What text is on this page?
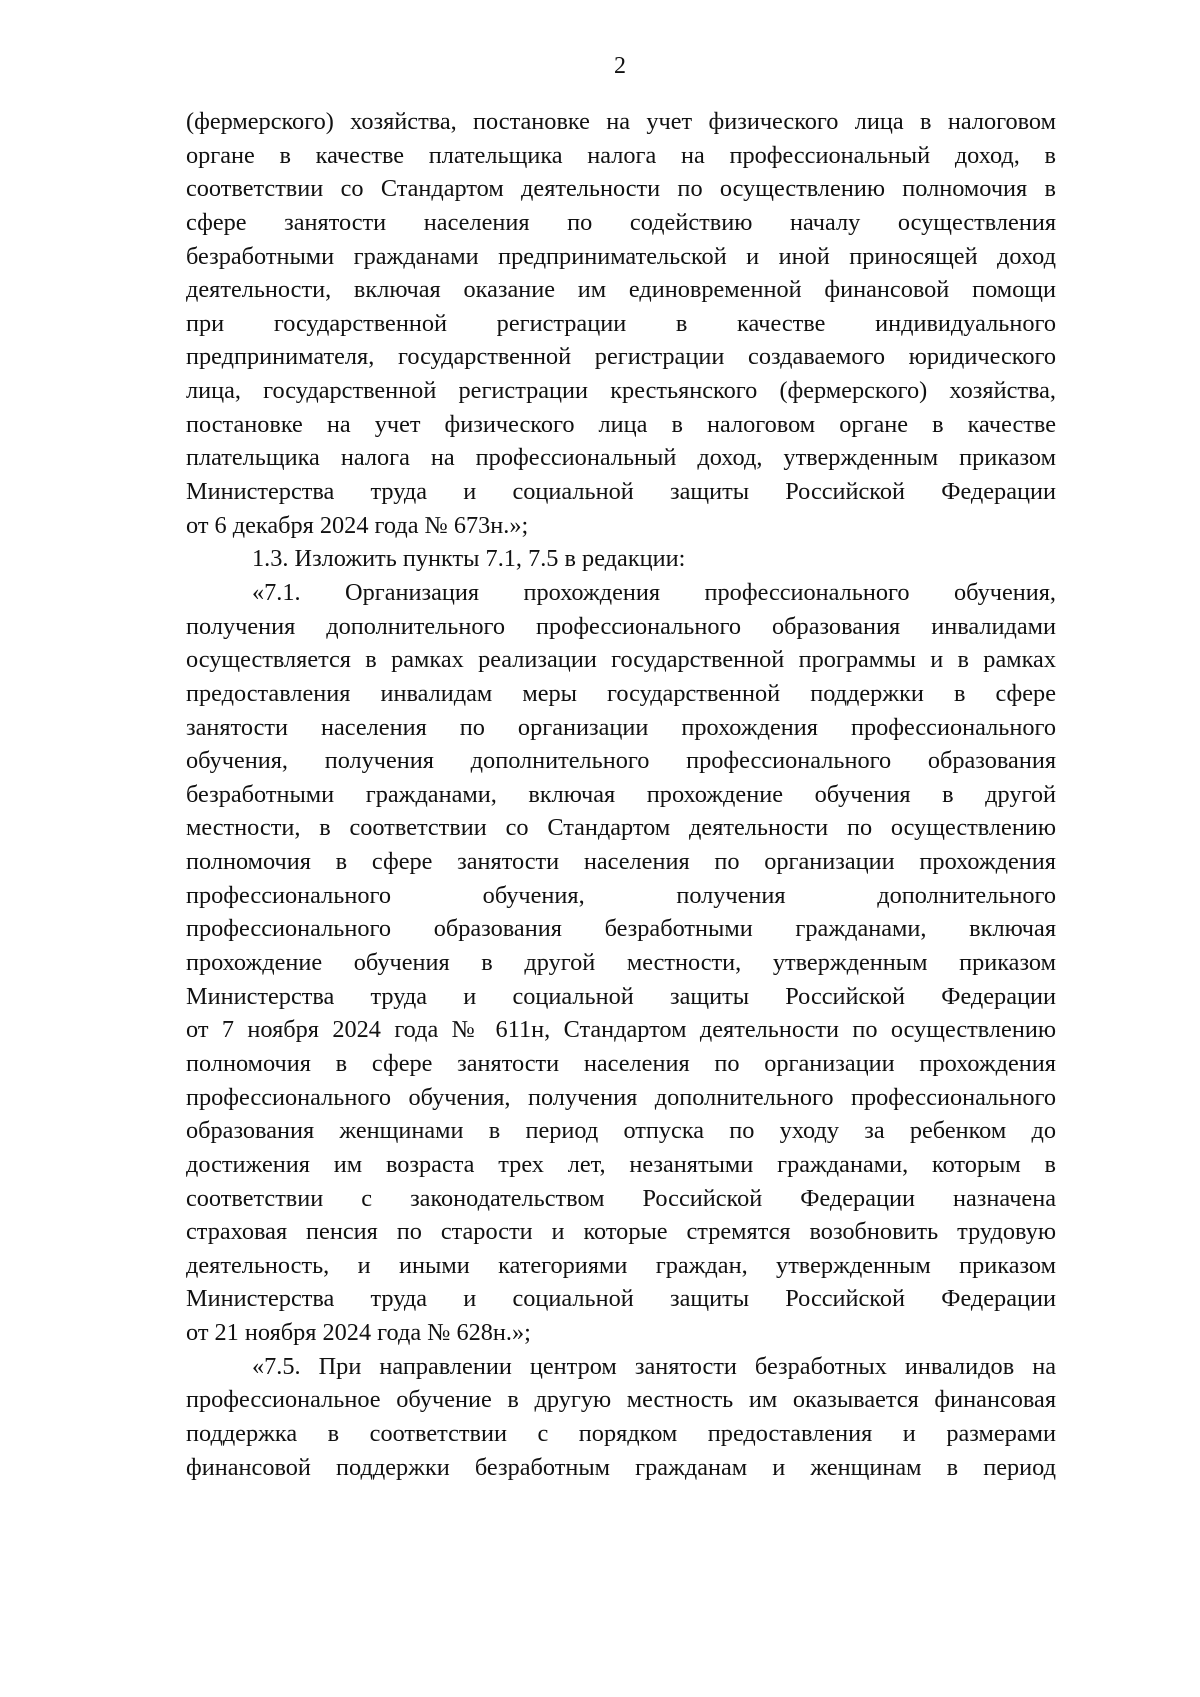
2
(фермерского) хозяйства, постановке на учет физического лица в налоговом
органе в качестве плательщика налога на профессиональный доход, в
соответствии со Стандартом деятельности по осуществлению полномочия в
сфере занятости населения по содействию началу осуществления
безработными гражданами предпринимательской и иной приносящей доход
деятельности, включая оказание им единовременной финансовой помощи
при государственной регистрации в качестве индивидуального
предпринимателя, государственной регистрации создаваемого юридического
лица, государственной регистрации крестьянского (фермерского) хозяйства,
постановке на учет физического лица в налоговом органе в качестве
плательщика налога на профессиональный доход, утвержденным приказом
Министерства труда и социальной защиты Российской Федерации
от 6 декабря 2024 года № 673н.»;
1.3. Изложить пункты 7.1, 7.5 в редакции:
«7.1. Организация прохождения профессионального обучения,
получения дополнительного профессионального образования инвалидами
осуществляется в рамках реализации государственной программы и в рамках
предоставления инвалидам меры государственной поддержки в сфере
занятости населения по организации прохождения профессионального
обучения, получения дополнительного профессионального образования
безработными гражданами, включая прохождение обучения в другой
местности, в соответствии со Стандартом деятельности по осуществлению
полномочия в сфере занятости населения по организации прохождения
профессионального обучения, получения дополнительного
профессионального образования безработными гражданами, включая
прохождение обучения в другой местности, утвержденным приказом
Министерства труда и социальной защиты Российской Федерации
от 7 ноября 2024 года № 611н, Стандартом деятельности по осуществлению
полномочия в сфере занятости населения по организации прохождения
профессионального обучения, получения дополнительного профессионального
образования женщинами в период отпуска по уходу за ребенком до
достижения им возраста трех лет, незанятыми гражданами, которым в
соответствии с законодательством Российской Федерации назначена
страховая пенсия по старости и которые стремятся возобновить трудовую
деятельность, и иными категориями граждан, утвержденным приказом
Министерства труда и социальной защиты Российской Федерации
от 21 ноября 2024 года № 628н.»;
«7.5. При направлении центром занятости безработных инвалидов на
профессиональное обучение в другую местность им оказывается финансовая
поддержка в соответствии с порядком предоставления и размерами
финансовой поддержки безработным гражданам и женщинам в период
